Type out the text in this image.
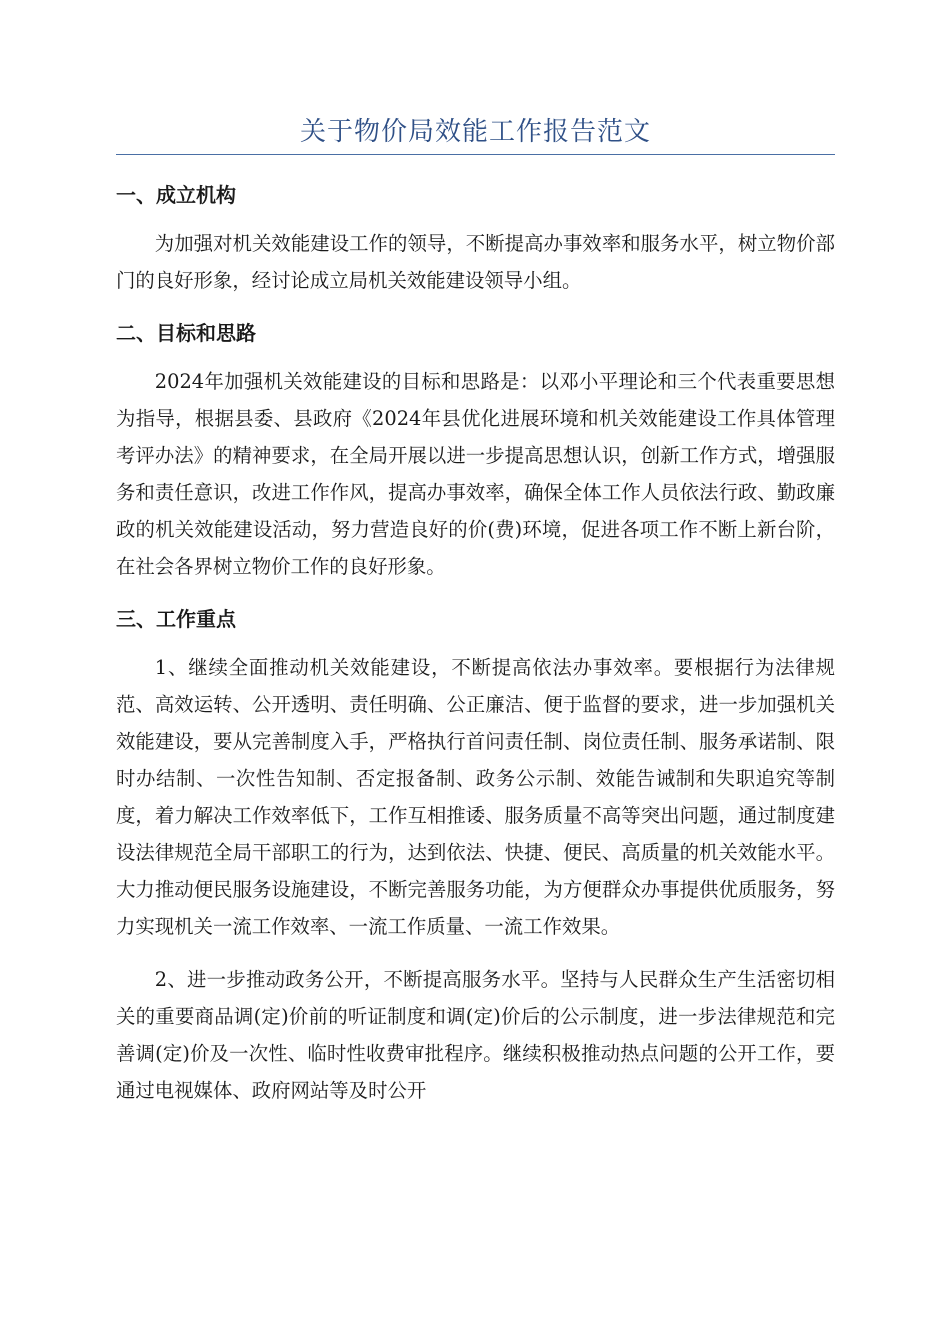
关于物价局效能工作报告范文
一、成立机构

为加强对机关效能建设工作的领导，不断提高办事效率和服务水平，树立物价部门的良好形象，经讨论成立局机关效能建设领导小组。

二、目标和思路

2024年加强机关效能建设的目标和思路是：以邓小平理论和三个代表重要思想为指导，根据县委、县政府《2024年县优化进展环境和机关效能建设工作具体管理考评办法》的精神要求，在全局开展以进一步提高思想认识，创新工作方式，增强服务和责任意识，改进工作作风，提高办事效率，确保全体工作人员依法行政、勤政廉政的机关效能建设活动，努力营造良好的价(费)环境，促进各项工作不断上新台阶，在社会各界树立物价工作的良好形象。

三、工作重点

1、继续全面推动机关效能建设，不断提高依法办事效率。要根据行为法律规范、高效运转、公开透明、责任明确、公正廉洁、便于监督的要求，进一步加强机关效能建设，要从完善制度入手，严格执行首问责任制、岗位责任制、服务承诺制、限时办结制、一次性告知制、否定报备制、政务公示制、效能告诫制和失职追究等制度，着力解决工作效率低下，工作互相推诿、服务质量不高等突出问题，通过制度建设法律规范全局干部职工的行为，达到依法、快捷、便民、高质量的机关效能水平。大力推动便民服务设施建设，不断完善服务功能，为方便群众办事提供优质服务，努力实现机关一流工作效率、一流工作质量、一流工作效果。

2、进一步推动政务公开，不断提高服务水平。坚持与人民群众生产生活密切相关的重要商品调(定)价前的听证制度和调(定)价后的公示制度，进一步法律规范和完善调(定)价及一次性、临时性收费审批程序。继续积极推动热点问题的公开工作，要通过电视媒体、政府网站等及时公开
